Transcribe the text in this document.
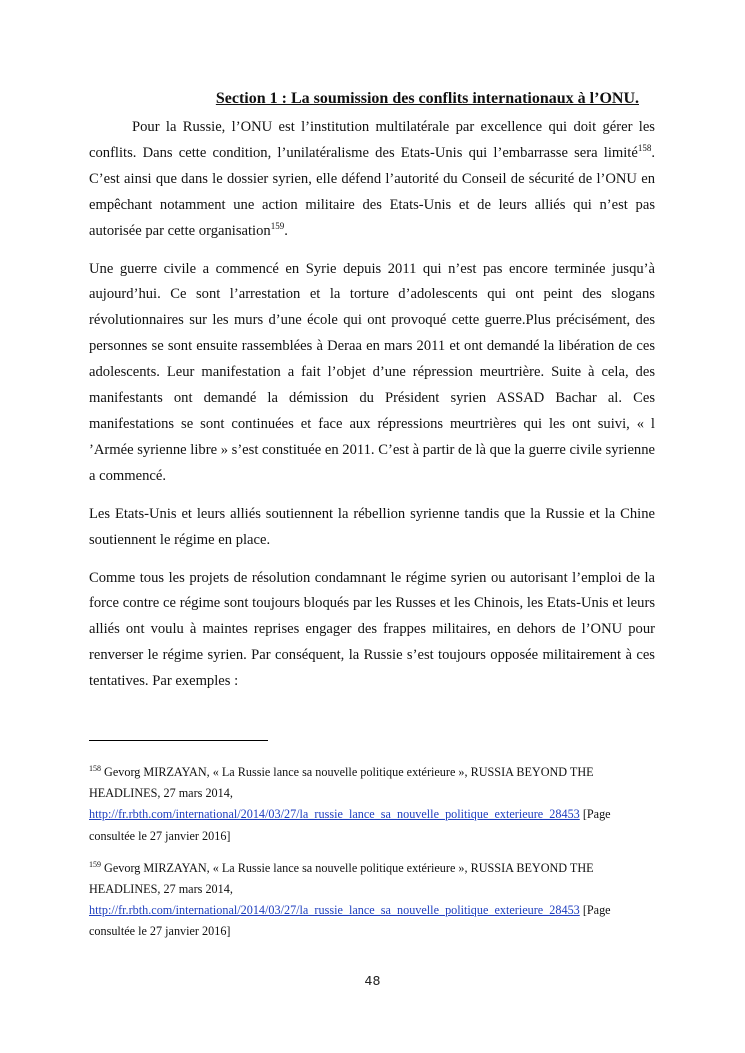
Section 1 : La soumission des conflits internationaux à l’ONU.

Pour la Russie, l’ONU est l’institution multilatérale par excellence qui doit gérer les conflits. Dans cette condition, l’unilatéralisme des Etats-Unis qui l’embarrasse sera limité$^{158}$. C’est ainsi que dans le dossier syrien, elle défend l’autorité du Conseil de sécurité de l’ONU en empêchant notamment une action militaire des Etats-Unis et de leurs alliés qui n’est pas autorisée par cette organisation$^{159}$.

Une guerre civile a commencé en Syrie depuis 2011 qui n’est pas encore terminée jusqu’à aujourd’hui. Ce sont l’arrestation et la torture d’adolescents qui ont peint des slogans révolutionnaires sur les murs d’une école qui ont provoqué cette guerre.Plus précisément, des personnes se sont ensuite rassemblées à Deraa en mars 2011 et ont demandé la libération de ces adolescents. Leur manifestation a fait l’objet d’une répression meurtrière. Suite à cela, des manifestants ont demandé la démission du Président syrien ASSAD Bachar al. Ces manifestations se sont continuées et face aux répressions meurtrières qui les ont suivi, « l ’Armée syrienne libre » s’est constituée en 2011. C’est à partir de là que la guerre civile syrienne a commencé.

Les Etats-Unis et leurs alliés soutiennent la rébellion syrienne tandis que la Russie et la Chine soutiennent le régime en place.

Comme tous les projets de résolution condamnant le régime syrien ou autorisant l’emploi de la force contre ce régime sont toujours bloqués par les Russes et les Chinois, les Etats-Unis et leurs alliés ont voulu à maintes reprises engager des frappes militaires, en dehors de l’ONU pour renverser le régime syrien. Par conséquent, la Russie s’est toujours opposée militairement à ces tentatives. Par exemples :

$^{158}$ Gevorg MIRZAYAN, « La Russie lance sa nouvelle politique extérieure », RUSSIA BEYOND THE HEADLINES, 27 mars 2014,
http://fr.rbth.com/international/2014/03/27/la_russie_lance_sa_nouvelle_politique_exterieure_28453 [Page consultée le 27 janvier 2016]
$^{159}$ Gevorg MIRZAYAN, « La Russie lance sa nouvelle politique extérieure », RUSSIA BEYOND THE HEADLINES, 27 mars 2014,
http://fr.rbth.com/international/2014/03/27/la_russie_lance_sa_nouvelle_politique_exterieure_28453 [Page consultée le 27 janvier 2016]
48
